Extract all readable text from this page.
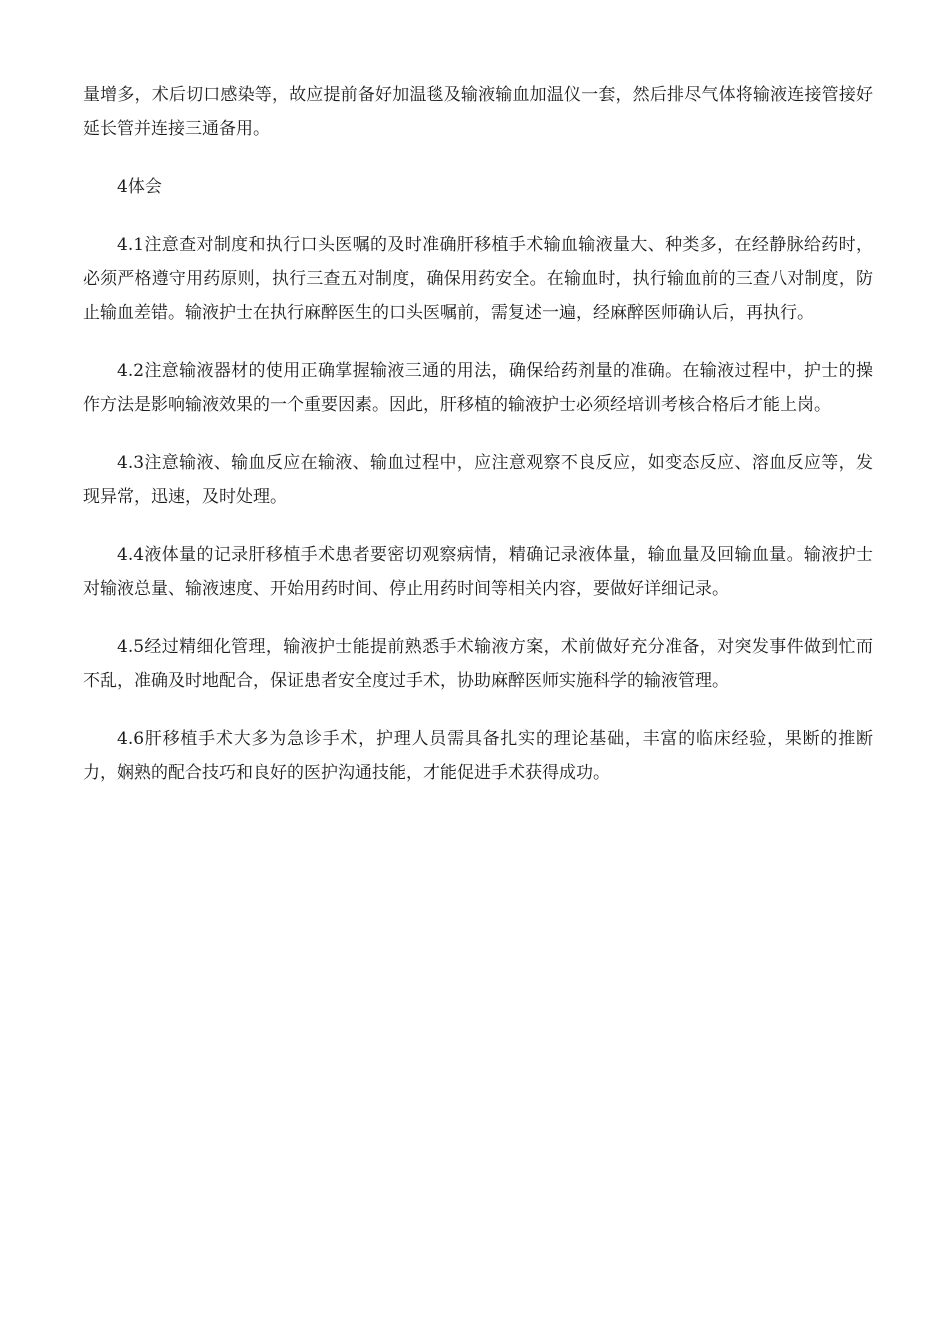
量增多，术后切口感染等，故应提前备好加温毯及输液输血加温仪一套，然后排尽气体将输液连接管接好延长管并连接三通备用。

4体会

4.1注意查对制度和执行口头医嘱的及时准确肝移植手术输血输液量大、种类多，在经静脉给药时，必须严格遵守用药原则，执行三查五对制度，确保用药安全。在输血时，执行输血前的三查八对制度，防止输血差错。输液护士在执行麻醉医生的口头医嘱前，需复述一遍，经麻醉医师确认后，再执行。

4.2注意输液器材的使用正确掌握输液三通的用法，确保给药剂量的准确。在输液过程中，护士的操作方法是影响输液效果的一个重要因素。因此，肝移植的输液护士必须经培训考核合格后才能上岗。

4.3注意输液、输血反应在输液、输血过程中，应注意观察不良反应，如变态反应、溶血反应等，发现异常，迅速，及时处理。

4.4液体量的记录肝移植手术患者要密切观察病情，精确记录液体量，输血量及回输血量。输液护士对输液总量、输液速度、开始用药时间、停止用药时间等相关内容，要做好详细记录。

4.5经过精细化管理，输液护士能提前熟悉手术输液方案，术前做好充分准备，对突发事件做到忙而不乱，准确及时地配合，保证患者安全度过手术，协助麻醉医师实施科学的输液管理。

4.6肝移植手术大多为急诊手术，护理人员需具备扎实的理论基础，丰富的临床经验，果断的推断力，娴熟的配合技巧和良好的医护沟通技能，才能促进手术获得成功。
